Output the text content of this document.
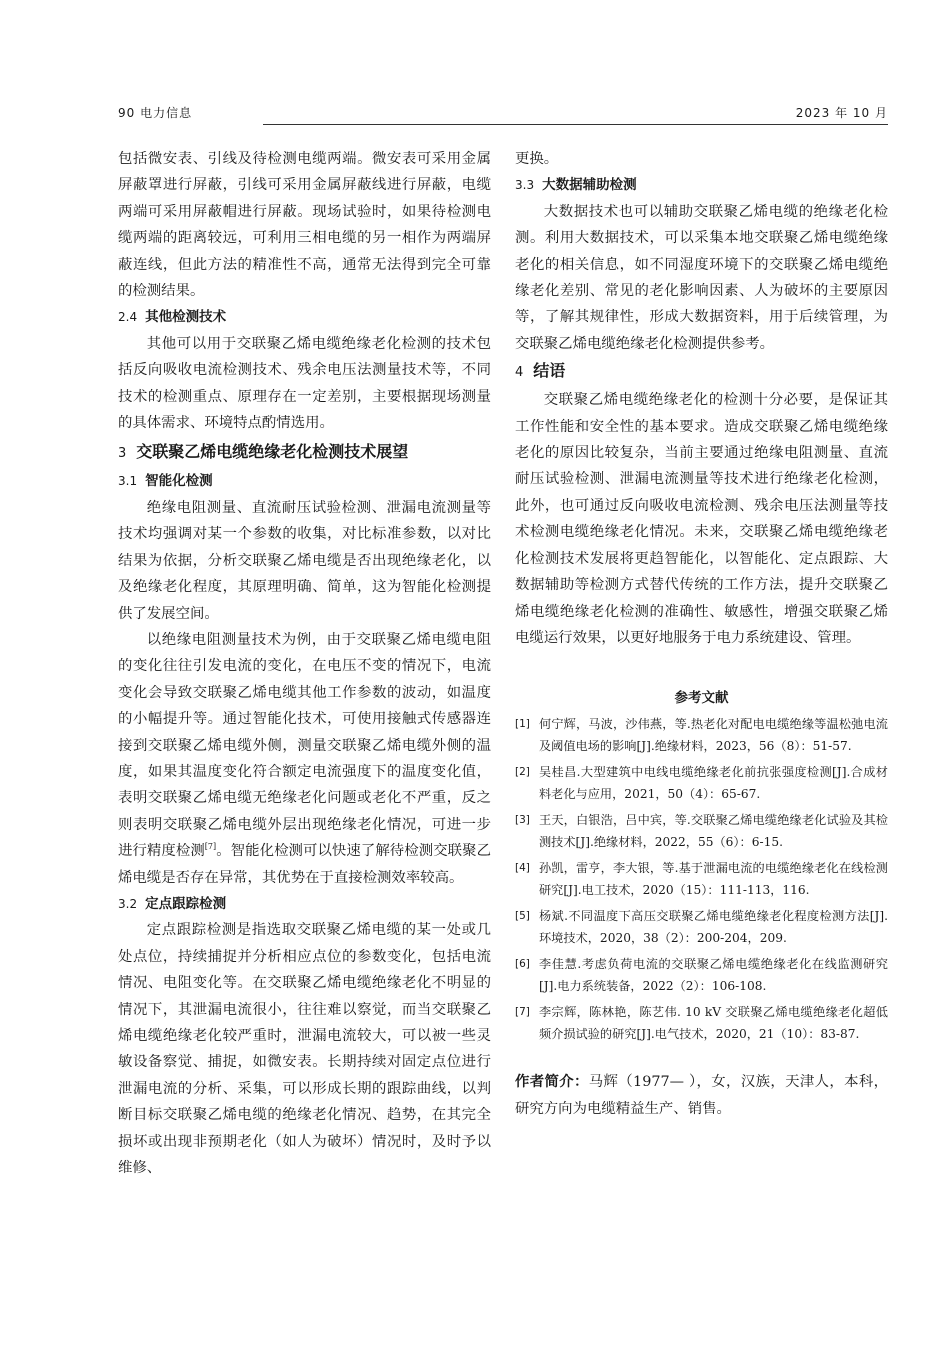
90 电力信息	2023 年 10 月

包括微安表、引线及待检测电缆两端。微安表可采用金属屏蔽罩进行屏蔽，引线可采用金属屏蔽线进行屏蔽，电缆两端可采用屏蔽帽进行屏蔽。现场试验时，如果待检测电缆两端的距离较远，可利用三相电缆的另一相作为两端屏蔽连线，但此方法的精准性不高，通常无法得到完全可靠的检测结果。

2.4 其他检测技术

其他可以用于交联聚乙烯电缆绝缘老化检测的技术包括反向吸收电流检测技术、残余电压法测量技术等，不同技术的检测重点、原理存在一定差别，主要根据现场测量的具体需求、环境特点酌情选用。

3 交联聚乙烯电缆绝缘老化检测技术展望
3.1 智能化检测

绝缘电阻测量、直流耐压试验检测、泄漏电流测量等技术均强调对某一个参数的收集，对比标准参数，以对比结果为依据，分析交联聚乙烯电缆是否出现绝缘老化，以及绝缘老化程度，其原理明确、简单，这为智能化检测提供了发展空间。

以绝缘电阻测量技术为例，由于交联聚乙烯电缆电阻的变化往往引发电流的变化，在电压不变的情况下，电流变化会导致交联聚乙烯电缆其他工作参数的波动，如温度的小幅提升等。通过智能化技术，可使用接触式传感器连接到交联聚乙烯电缆外侧，测量交联聚乙烯电缆外侧的温度，如果其温度变化符合额定电流强度下的温度变化值，表明交联聚乙烯电缆无绝缘老化问题或老化不严重，反之则表明交联聚乙烯电缆外层出现绝缘老化情况，可进一步进行精度检测[7]。智能化检测可以快速了解待检测交联聚乙烯电缆是否存在异常，其优势在于直接检测效率较高。

3.2 定点跟踪检测

定点跟踪检测是指选取交联聚乙烯电缆的某一处或几处点位，持续捕捉并分析相应点位的参数变化，包括电流情况、电阻变化等。在交联聚乙烯电缆绝缘老化不明显的情况下，其泄漏电流很小，往往难以察觉，而当交联聚乙烯电缆绝缘老化较严重时，泄漏电流较大，可以被一些灵敏设备察觉、捕捉，如微安表。长期持续对固定点位进行泄漏电流的分析、采集，可以形成长期的跟踪曲线，以判断目标交联聚乙烯电缆的绝缘老化情况、趋势，在其完全损坏或出现非预期老化（如人为破坏）情况时，及时予以维修、

更换。

3.3 大数据辅助检测

大数据技术也可以辅助交联聚乙烯电缆的绝缘老化检测。利用大数据技术，可以采集本地交联聚乙烯电缆绝缘老化的相关信息，如不同湿度环境下的交联聚乙烯电缆绝缘老化差别、常见的老化影响因素、人为破坏的主要原因等，了解其规律性，形成大数据资料，用于后续管理，为交联聚乙烯电缆绝缘老化检测提供参考。

4 结语

交联聚乙烯电缆绝缘老化的检测十分必要，是保证其工作性能和安全性的基本要求。造成交联聚乙烯电缆绝缘老化的原因比较复杂，当前主要通过绝缘电阻测量、直流耐压试验检测、泄漏电流测量等技术进行绝缘老化检测，此外，也可通过反向吸收电流检测、残余电压法测量等技术检测电缆绝缘老化情况。未来，交联聚乙烯电缆绝缘老化检测技术发展将更趋智能化，以智能化、定点跟踪、大数据辅助等检测方式替代传统的工作方法，提升交联聚乙烯电缆绝缘老化检测的准确性、敏感性，增强交联聚乙烯电缆运行效果，以更好地服务于电力系统建设、管理。

参考文献
[1] 何宁辉，马波，沙伟燕，等.热老化对配电电缆绝缘等温松弛电流及阈值电场的影响[J].绝缘材料，2023，56（8）：51-57.
[2] 吴桂昌.大型建筑中电线电缆绝缘老化前抗张强度检测[J].合成材料老化与应用，2021，50（4）：65-67.
[3] 王天，白银浩，吕中宾，等.交联聚乙烯电缆绝缘老化试验及其检测技术[J].绝缘材料，2022，55（6）：6-15.
[4] 孙凯，雷亨，李大银，等.基于泄漏电流的电缆绝缘老化在线检测研究[J].电工技术，2020（15）：111-113，116.
[5] 杨斌.不同温度下高压交联聚乙烯电缆绝缘老化程度检测方法[J].环境技术，2020，38（2）：200-204，209.
[6] 李佳慧.考虑负荷电流的交联聚乙烯电缆绝缘老化在线监测研究[J].电力系统装备，2022（2）：106-108.
[7] 李宗辉，陈林艳，陈艺伟. 10 kV 交联聚乙烯电缆绝缘老化超低频介损试验的研究[J].电气技术，2020，21（10）：83-87.

作者简介：马辉（1977— ），女，汉族，天津人，本科，研究方向为电缆精益生产、销售。
